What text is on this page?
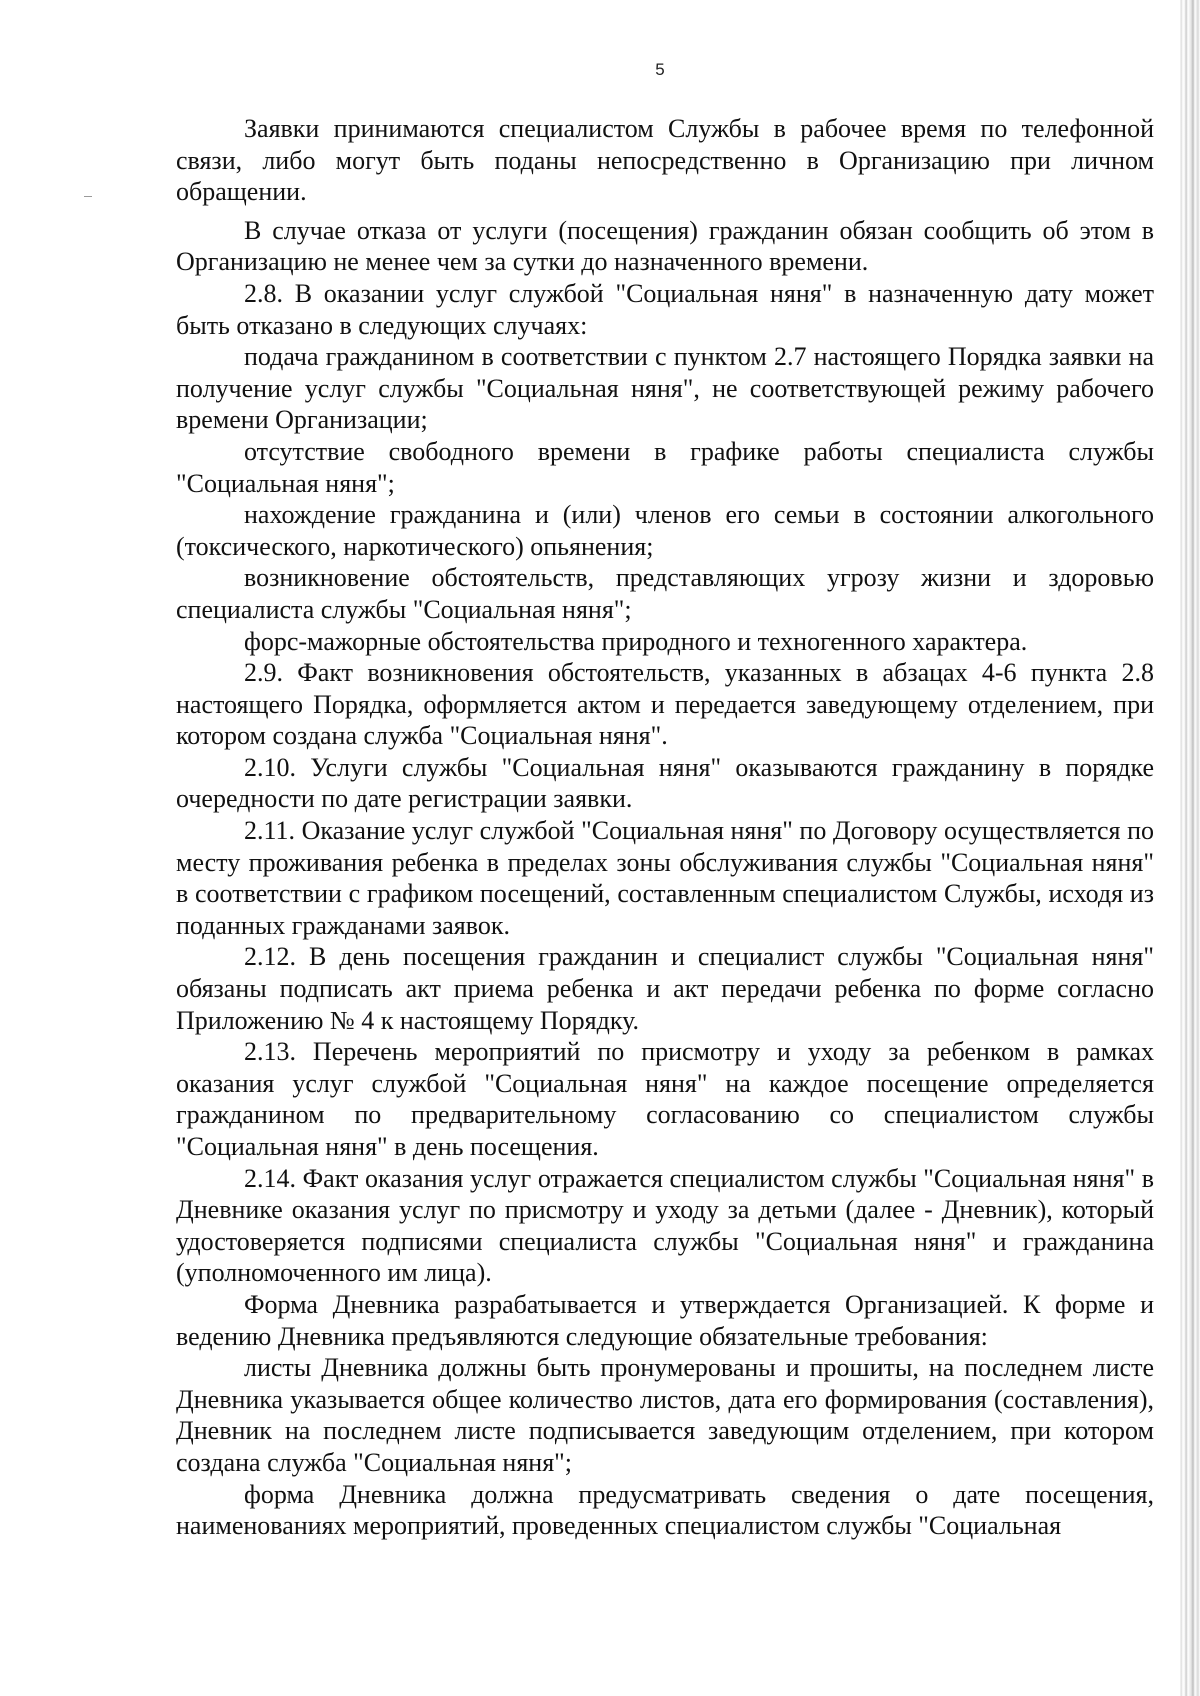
5

Заявки принимаются специалистом Службы в рабочее время по телефонной связи, либо могут быть поданы непосредственно в Организацию при личном обращении.

В случае отказа от услуги (посещения) гражданин обязан сообщить об этом в Организацию не менее чем за сутки до назначенного времени.

2.8. В оказании услуг службой "Социальная няня" в назначенную дату может быть отказано в следующих случаях:

подача гражданином в соответствии с пунктом 2.7 настоящего Порядка заявки на получение услуг службы "Социальная няня", не соответствующей режиму рабочего времени Организации;

отсутствие свободного времени в графике работы специалиста службы "Социальная няня";

нахождение гражданина и (или) членов его семьи в состоянии алкогольного (токсического, наркотического) опьянения;

возникновение обстоятельств, представляющих угрозу жизни и здоровью специалиста службы "Социальная няня";

форс-мажорные обстоятельства природного и техногенного характера.

2.9. Факт возникновения обстоятельств, указанных в абзацах 4-6 пункта 2.8 настоящего Порядка, оформляется актом и передается заведующему отделением, при котором создана служба "Социальная няня".

2.10. Услуги службы "Социальная няня" оказываются гражданину в порядке очередности по дате регистрации заявки.

2.11. Оказание услуг службой "Социальная няня" по Договору осуществляется по месту проживания ребенка в пределах зоны обслуживания службы "Социальная няня" в соответствии с графиком посещений, составленным специалистом Службы, исходя из поданных гражданами заявок.

2.12. В день посещения гражданин и специалист службы "Социальная няня" обязаны подписать акт приема ребенка и акт передачи ребенка по форме согласно Приложению № 4 к настоящему Порядку.

2.13. Перечень мероприятий по присмотру и уходу за ребенком в рамках оказания услуг службой "Социальная няня" на каждое посещение определяется гражданином по предварительному согласованию со специалистом службы "Социальная няня" в день посещения.

2.14. Факт оказания услуг отражается специалистом службы "Социальная няня" в Дневнике оказания услуг по присмотру и уходу за детьми (далее - Дневник), который удостоверяется подписями специалиста службы "Социальная няня" и гражданина (уполномоченного им лица).

Форма Дневника разрабатывается и утверждается Организацией. К форме и ведению Дневника предъявляются следующие обязательные требования:

листы Дневника должны быть пронумерованы и прошиты, на последнем листе Дневника указывается общее количество листов, дата его формирования (составления), Дневник на последнем листе подписывается заведующим отделением, при котором создана служба "Социальная няня";

форма Дневника должна предусматривать сведения о дате посещения, наименованиях мероприятий, проведенных специалистом службы "Социальная
